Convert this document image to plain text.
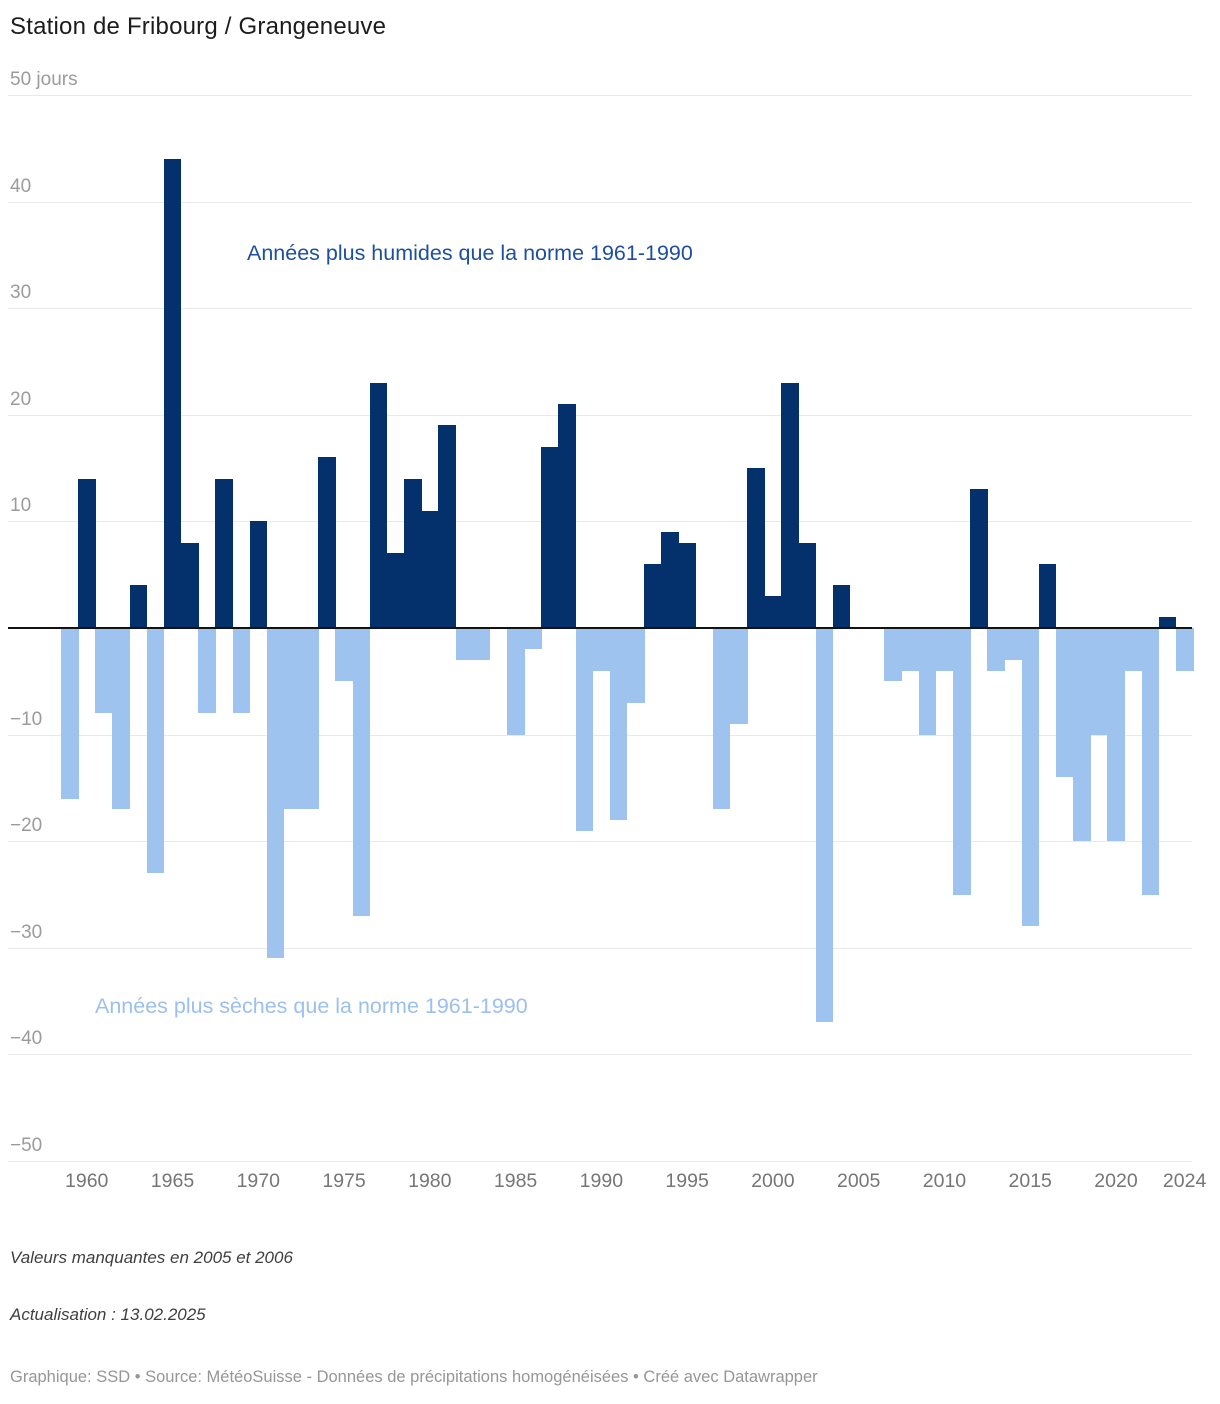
Station de Fribourg / Grangeneuve
50 jours
40
30
20
10
−10
−20
−30
−40
−50
1960	1965	1970	1975	1980	1985	1990	1995	2000	2005	2010	2015	2020	2024
Années plus humides que la norme 1961-1990
Années plus sèches que la norme 1961-1990
Valeurs manquantes en 2005 et 2006
Actualisation : 13.02.2025
Graphique: SSD • Source: MétéoSuisse - Données de précipitations homogénéisées • Créé avec Datawrapper
